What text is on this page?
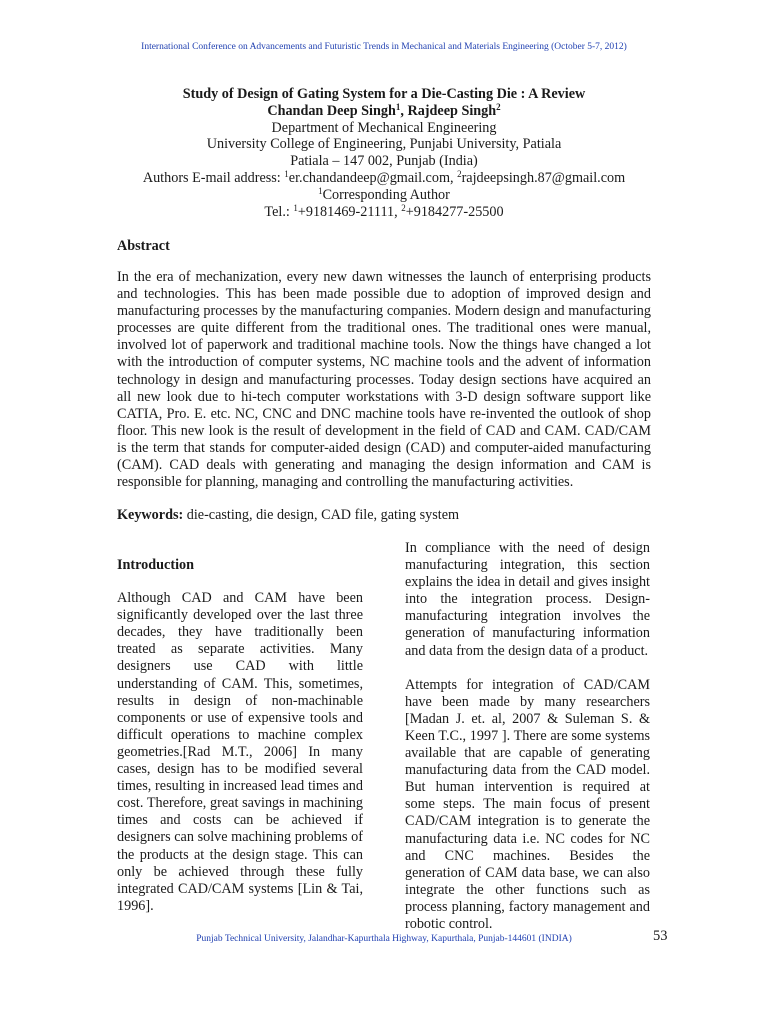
International Conference on Advancements and Futuristic Trends in Mechanical and Materials Engineering (October 5-7, 2012)
Study of Design of Gating System for a Die-Casting Die : A Review
Chandan Deep Singh$^1$, Rajdeep Singh$^2$
Department of Mechanical Engineering
University College of Engineering, Punjabi University, Patiala
Patiala – 147 002, Punjab (India)
Authors E-mail address: $^1$er.chandandeep@gmail.com, $^2$rajdeepsingh.87@gmail.com
$^1$Corresponding Author
Tel.: $^1$+9181469-21111, $^2$+9184277-25500
Abstract
In the era of mechanization, every new dawn witnesses the launch of enterprising products and technologies. This has been made possible due to adoption of improved design and manufacturing processes by the manufacturing companies. Modern design and manufacturing processes are quite different from the traditional ones. The traditional ones were manual, involved lot of paperwork and traditional machine tools. Now the things have changed a lot with the introduction of computer systems, NC machine tools and the advent of information technology in design and manufacturing processes. Today design sections have acquired an all new look due to hi-tech computer workstations with 3-D design software support like CATIA, Pro. E. etc. NC, CNC and DNC machine tools have re-invented the outlook of shop floor. This new look is the result of development in the field of CAD and CAM. CAD/CAM is the term that stands for computer-aided design (CAD) and computer-aided manufacturing (CAM). CAD deals with generating and managing the design information and CAM is responsible for planning, managing and controlling the manufacturing activities.
Keywords: die-casting, die design, CAD file, gating system
Introduction
Although CAD and CAM have been significantly developed over the last three decades, they have traditionally been treated as separate activities. Many designers use CAD with little understanding of CAM. This, sometimes, results in design of non-machinable components or use of expensive tools and difficult operations to machine complex geometries.[Rad M.T., 2006] In many cases, design has to be modified several times, resulting in increased lead times and cost. Therefore, great savings in machining times and costs can be achieved if designers can solve machining problems of the products at the design stage. This can only be achieved through these fully integrated CAD/CAM systems [Lin & Tai, 1996].

In compliance with the need of design manufacturing integration, this section explains the idea in detail and gives insight into the integration process. Design-manufacturing integration involves the generation of manufacturing information and data from the design data of a product.

Attempts for integration of CAD/CAM have been made by many researchers [Madan J. et. al, 2007 & Suleman S. & Keen T.C., 1997 ]. There are some systems available that are capable of generating manufacturing data from the CAD model. But human intervention is required at some steps. The main focus of present CAD/CAM integration is to generate the manufacturing data i.e. NC codes for NC and CNC machines. Besides the generation of CAM data base, we can also integrate the other functions such as process planning, factory management and robotic control.

Punjab Technical University, Jalandhar-Kapurthala Highway, Kapurthala, Punjab-144601 (INDIA)	53
